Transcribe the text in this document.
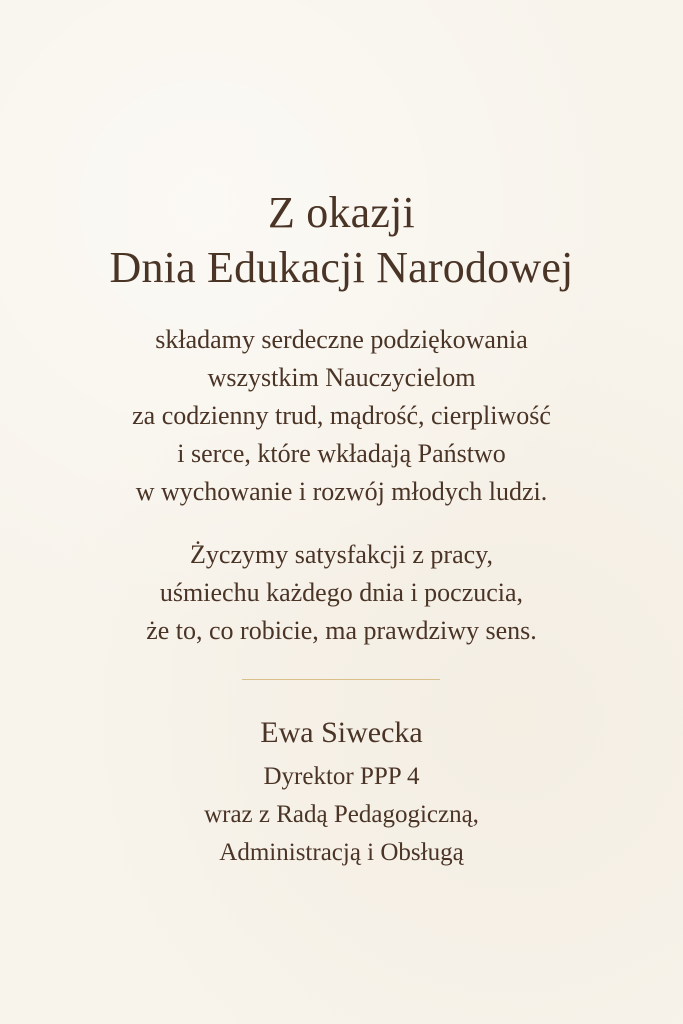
Z okazji
Dnia Edukacji Narodowej
składamy serdeczne podziękowania
wszystkim Nauczycielom
za codzienny trud, mądrość, cierpliwość
i serce, które wkładają Państwo
w wychowanie i rozwój młodych ludzi.
Życzymy satysfakcji z pracy,
uśmiechu każdego dnia i poczucia,
że to, co robicie, ma prawdziwy sens.
Ewa Siwecka
Dyrektor PPP 4
wraz z Radą Pedagogiczną,
Administracją i Obsługą
